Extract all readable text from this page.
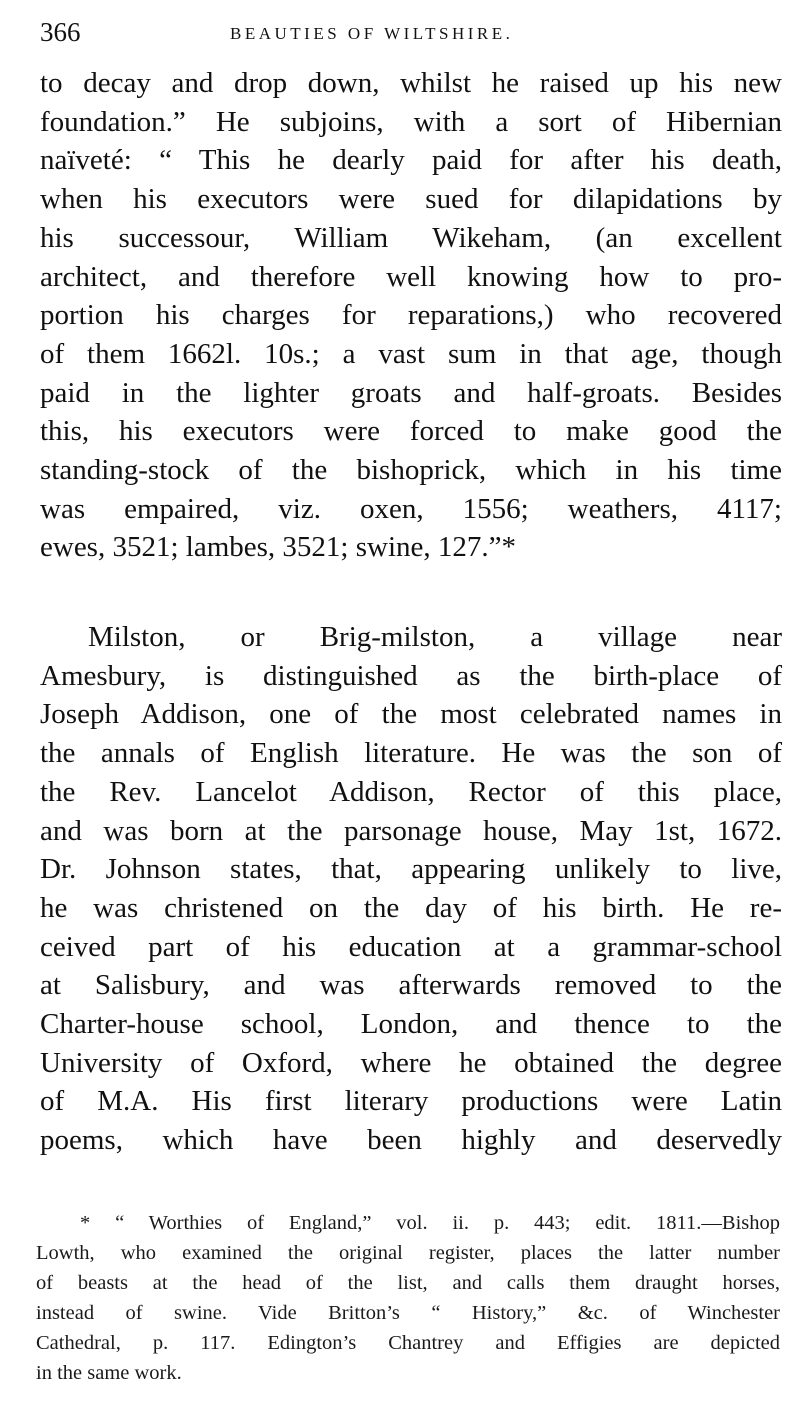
366	BEAUTIES OF WILTSHIRE.
to decay and drop down, whilst he raised up his new
foundation.” He subjoins, with a sort of Hibernian
naïveté: “ This he dearly paid for after his death,
when his executors were sued for dilapidations by
his successour, William Wikeham, (an excellent
architect, and therefore well knowing how to pro-
portion his charges for reparations,) who recovered
of them 1662l. 10s.; a vast sum in that age, though
paid in the lighter groats and half-groats. Besides
this, his executors were forced to make good the
standing-stock of the bishoprick, which in his time
was empaired, viz. oxen, 1556; weathers, 4117;
ewes, 3521; lambes, 3521; swine, 127.”*
Milston, or Brig-milston, a village near
Amesbury, is distinguished as the birth-place of
Joseph Addison, one of the most celebrated names in
the annals of English literature. He was the son of
the Rev. Lancelot Addison, Rector of this place,
and was born at the parsonage house, May 1st, 1672.
Dr. Johnson states, that, appearing unlikely to live,
he was christened on the day of his birth. He re-
ceived part of his education at a grammar-school
at Salisbury, and was afterwards removed to the
Charter-house school, London, and thence to the
University of Oxford, where he obtained the degree
of M.A. His first literary productions were Latin
poems, which have been highly and deservedly
* “ Worthies of England,” vol. ii. p. 443; edit. 1811.—Bishop
Lowth, who examined the original register, places the latter number
of beasts at the head of the list, and calls them draught horses,
instead of swine. Vide Britton’s “ History,” &c. of Winchester
Cathedral, p. 117. Edington’s Chantrey and Effigies are depicted
in the same work.
